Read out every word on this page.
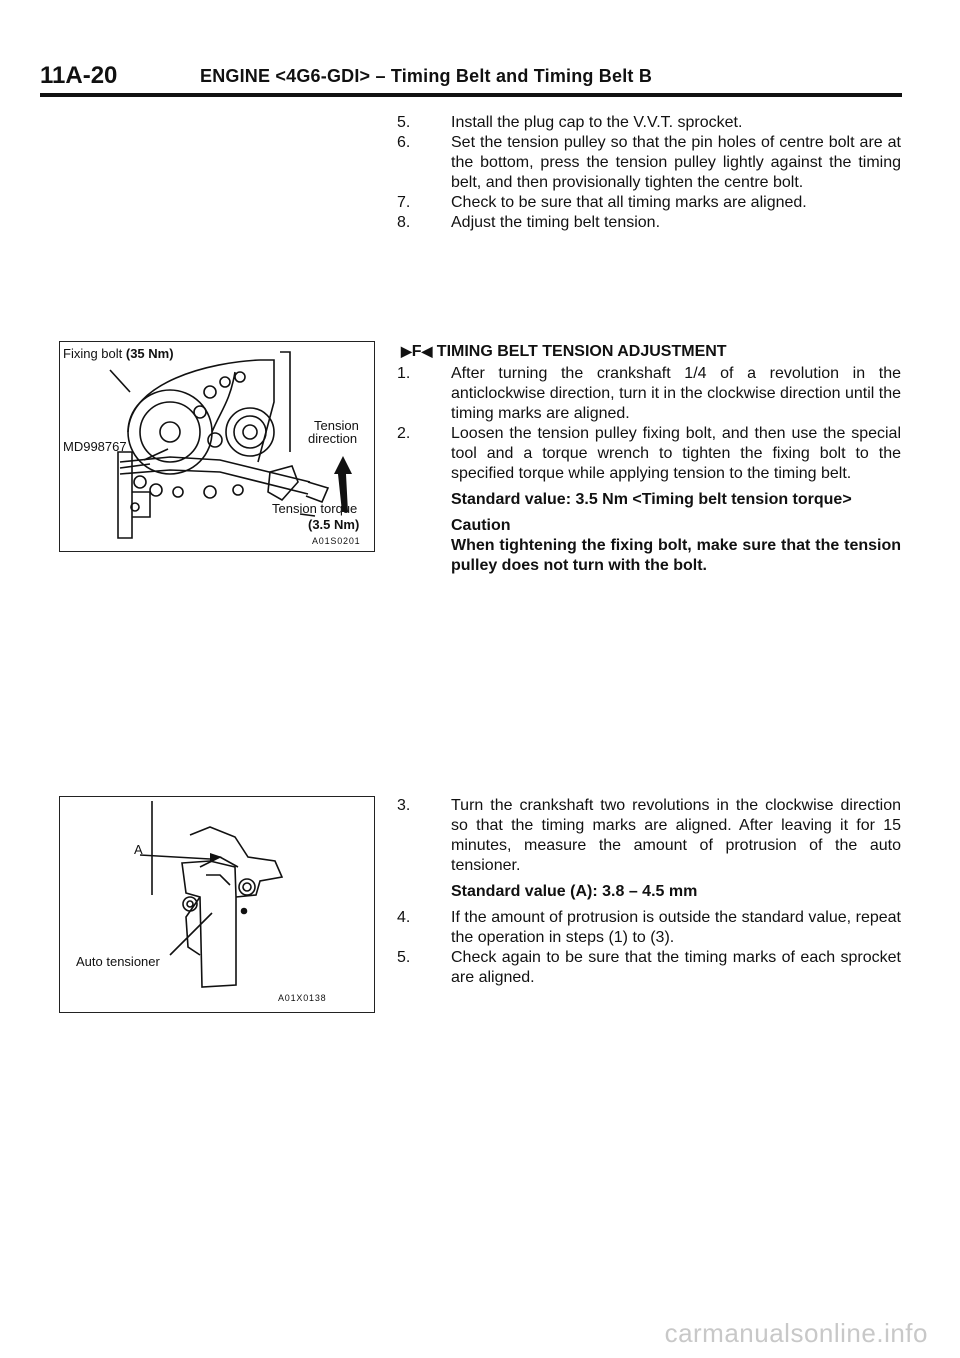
11A-20	ENGINE <4G6-GDI> – Timing Belt and Timing Belt B
5.	Install the plug cap to the V.V.T. sprocket.
6.	Set the tension pulley so that the pin holes of centre bolt are at the bottom, press the tension pulley lightly against the timing belt, and then provisionally tighten the centre bolt.
7.	Check to be sure that all timing marks are aligned.
8.	Adjust the timing belt tension.
▶F◀ TIMING BELT TENSION ADJUSTMENT
1.	After turning the crankshaft 1/4 of a revolution in the anticlockwise direction, turn it in the clockwise direction until the timing marks are aligned.
2.	Loosen the tension pulley fixing bolt, and then use the special tool and a torque wrench to tighten the fixing bolt to the specified torque while applying tension to the timing belt.
Standard value: 3.5 Nm <Timing belt tension torque>
Caution
When tightening the fixing bolt, make sure that the tension pulley does not turn with the bolt.
3.	Turn the crankshaft two revolutions in the clockwise direction so that the timing marks are aligned. After leaving it for 15 minutes, measure the amount of protrusion of the auto tensioner.
Standard value (A): 3.8 – 4.5 mm
4.	If the amount of protrusion is outside the standard value, repeat the operation in steps (1) to (3).
5.	Check again to be sure that the timing marks of each sprocket are aligned.
Fixing bolt (35 Nm)
MD998767
Tension
direction
Tension torque
(3.5 Nm)
A01S0201
A
Auto tensioner
A01X0138
carmanualsonline.info
